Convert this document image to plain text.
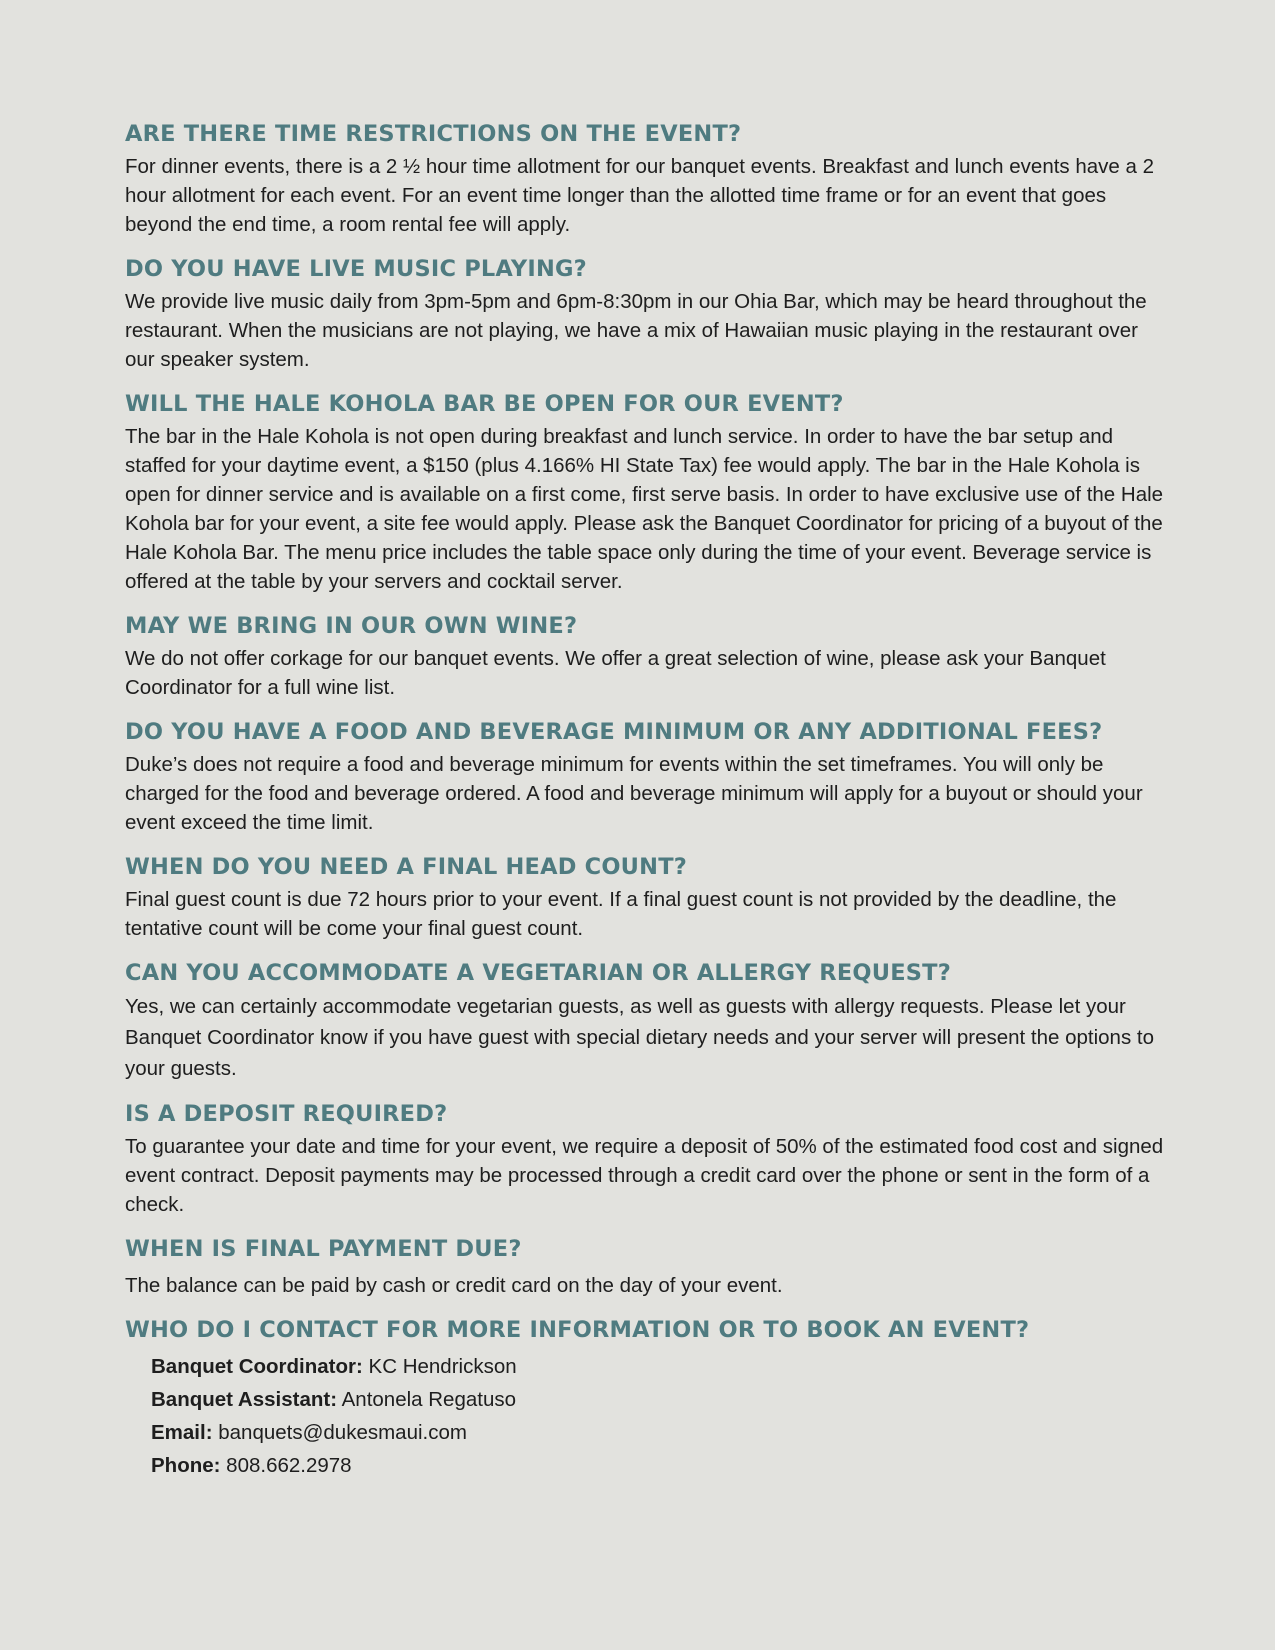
ARE THERE TIME RESTRICTIONS ON THE EVENT?

For dinner events, there is a 2 ½ hour time allotment for our banquet events. Breakfast and lunch events have a 2 hour allotment for each event. For an event time longer than the allotted time frame or for an event that goes beyond the end time, a room rental fee will apply.

DO YOU HAVE LIVE MUSIC PLAYING?

We provide live music daily from 3pm-5pm and 6pm-8:30pm in our Ohia Bar, which may be heard throughout the restaurant. When the musicians are not playing, we have a mix of Hawaiian music playing in the restaurant over our speaker system.

WILL THE HALE KOHOLA BAR BE OPEN FOR OUR EVENT?

The bar in the Hale Kohola is not open during breakfast and lunch service. In order to have the bar setup and staffed for your daytime event, a $150 (plus 4.166% HI State Tax) fee would apply. The bar in the Hale Kohola is open for dinner service and is available on a first come, first serve basis. In order to have exclusive use of the Hale Kohola bar for your event, a site fee would apply. Please ask the Banquet Coordinator for pricing of a buyout of the Hale Kohola Bar. The menu price includes the table space only during the time of your event. Beverage service is offered at the table by your servers and cocktail server.

MAY WE BRING IN OUR OWN WINE?

We do not offer corkage for our banquet events. We offer a great selection of wine, please ask your Banquet Coordinator for a full wine list.

DO YOU HAVE A FOOD AND BEVERAGE MINIMUM OR ANY ADDITIONAL FEES?

Duke’s does not require a food and beverage minimum for events within the set timeframes. You will only be charged for the food and beverage ordered. A food and beverage minimum will apply for a buyout or should your event exceed the time limit.

WHEN DO YOU NEED A FINAL HEAD COUNT?

Final guest count is due 72 hours prior to your event. If a final guest count is not provided by the deadline, the tentative count will be come your final guest count.

CAN YOU ACCOMMODATE A VEGETARIAN OR ALLERGY REQUEST?

Yes, we can certainly accommodate vegetarian guests, as well as guests with allergy requests. Please let your Banquet Coordinator know if you have guest with special dietary needs and your server will present the options to your guests.

IS A DEPOSIT REQUIRED?

To guarantee your date and time for your event, we require a deposit of 50% of the estimated food cost and signed event contract. Deposit payments may be processed through a credit card over the phone or sent in the form of a check.

WHEN IS FINAL PAYMENT DUE?

The balance can be paid by cash or credit card on the day of your event.

WHO DO I CONTACT FOR MORE INFORMATION OR TO BOOK AN EVENT?
Banquet Coordinator: KC Hendrickson
Banquet Assistant: Antonela Regatuso
Email: banquets@dukesmaui.com
Phone: 808.662.2978
